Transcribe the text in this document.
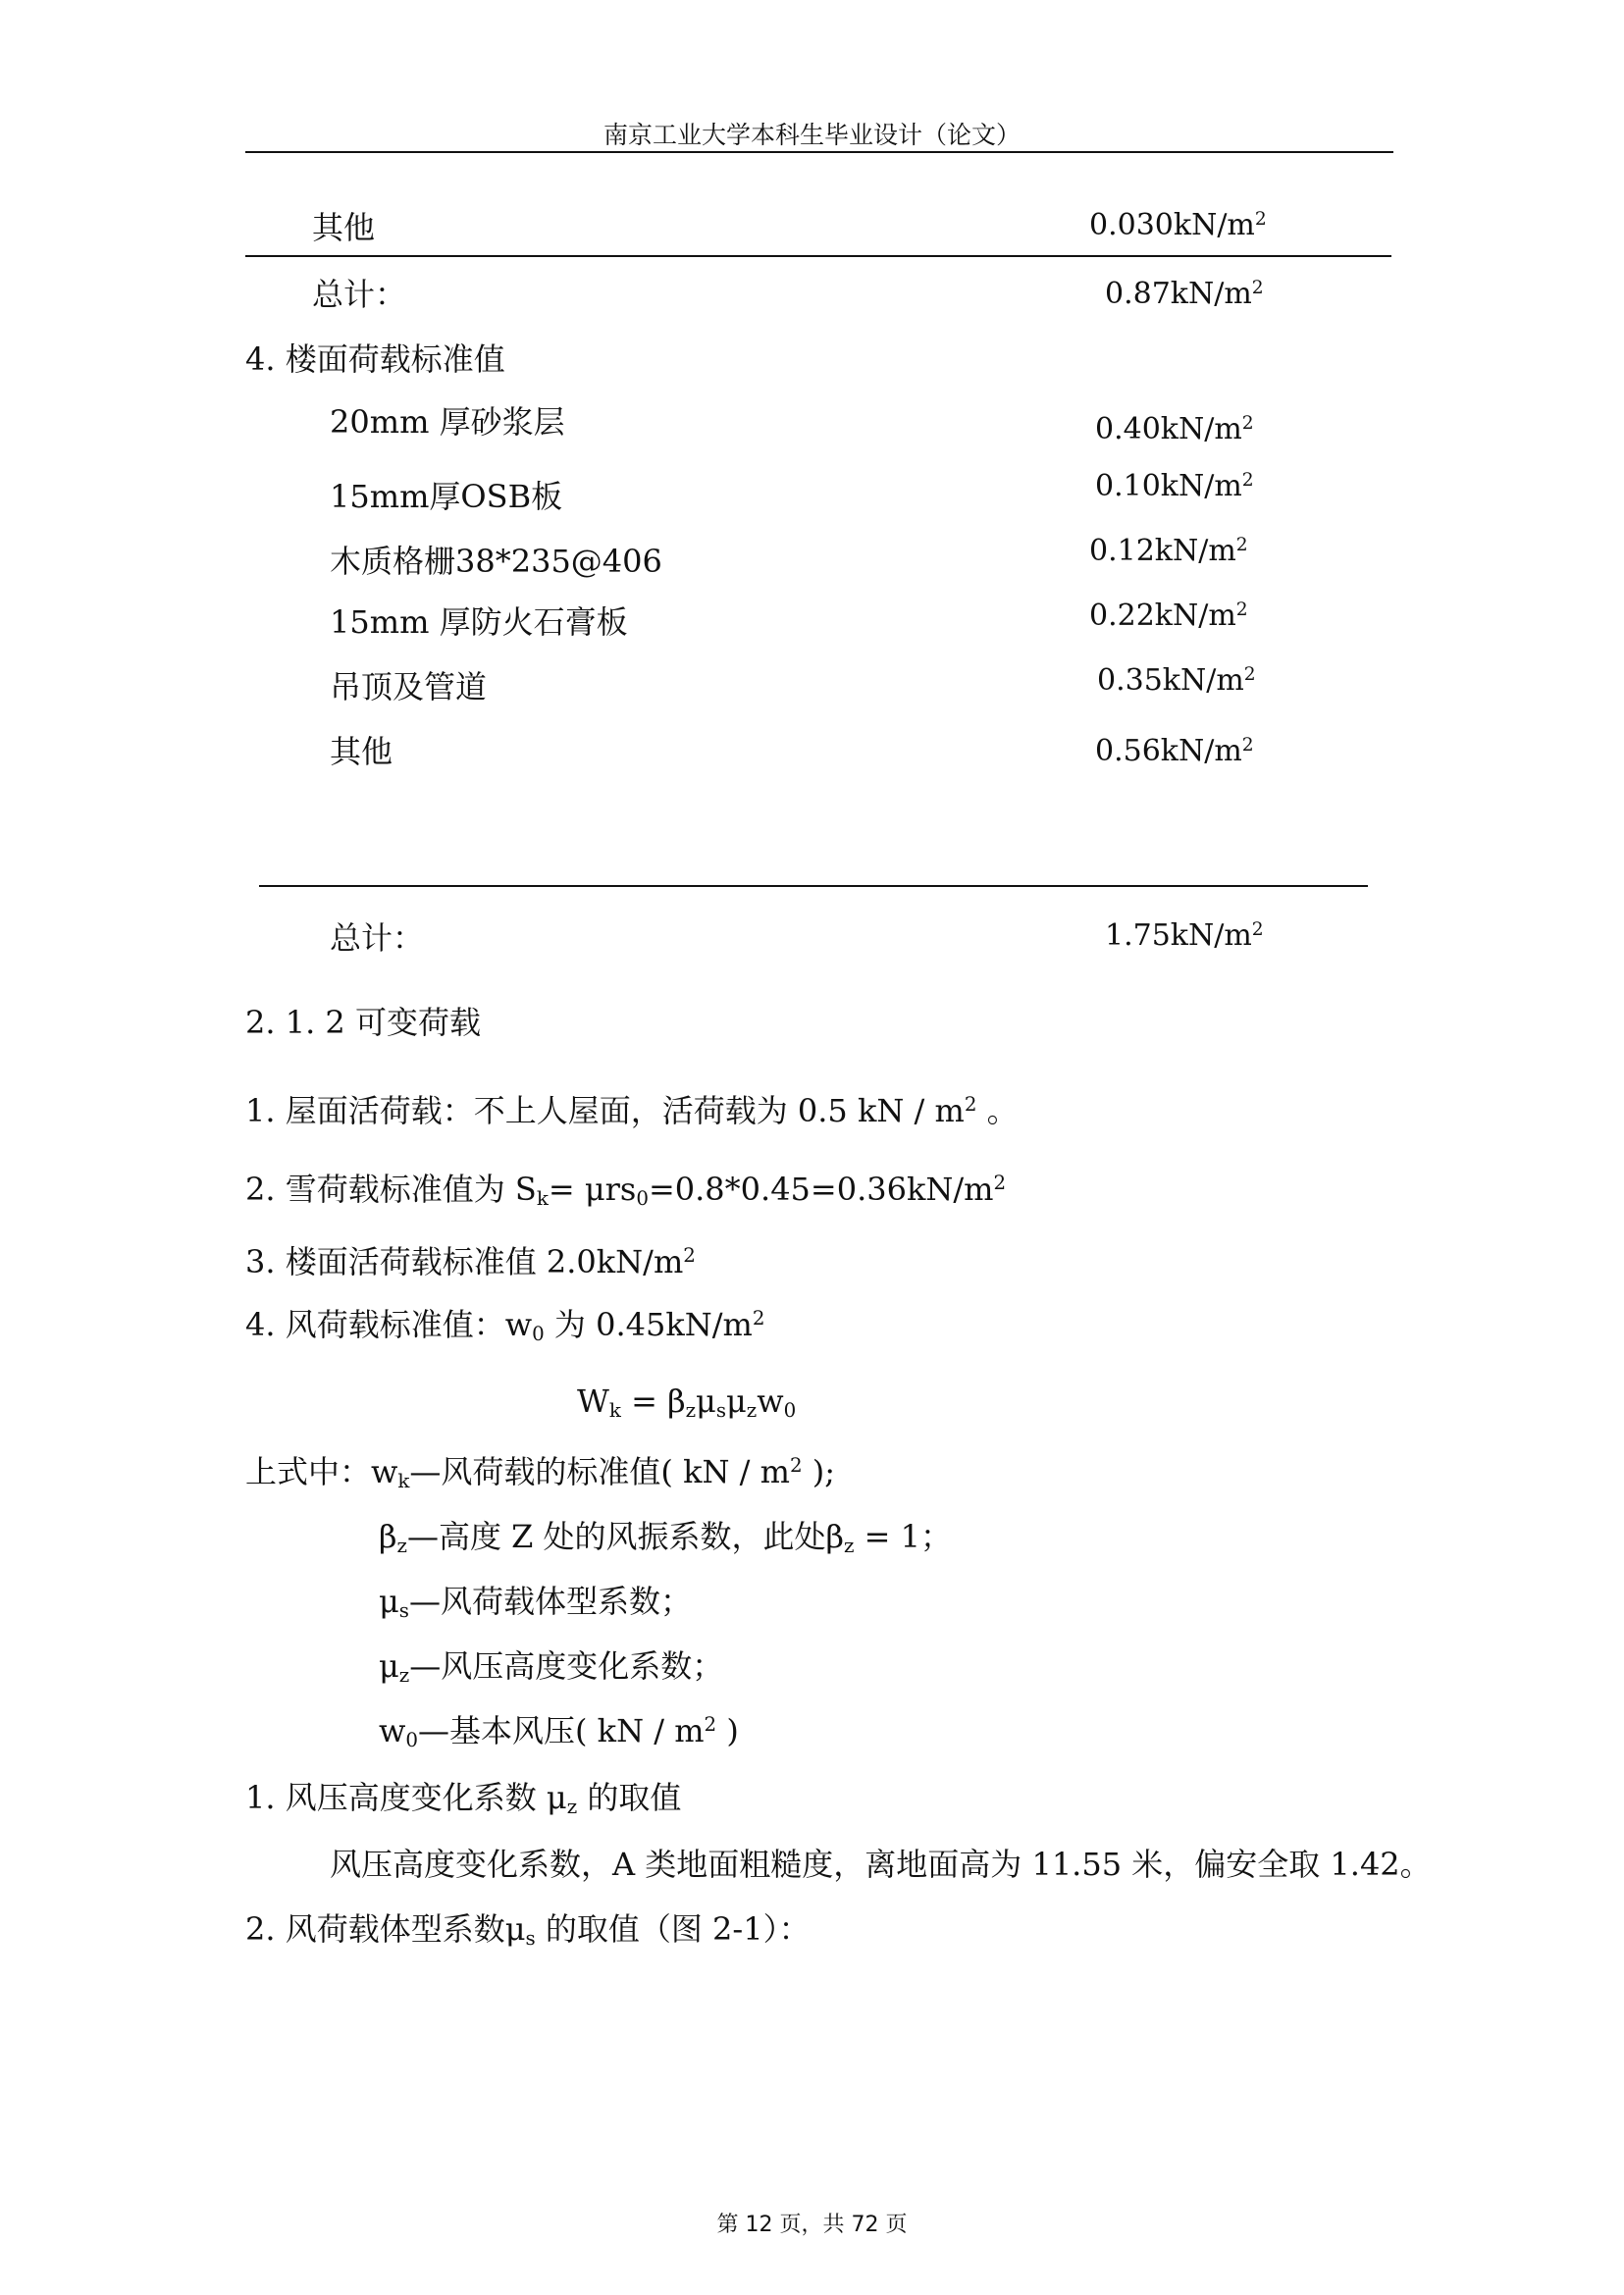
南京工业大学本科生毕业设计（论文）
其他	$0.030kN/m^2$
总计：	$0.87kN/m^2$
4. 楼面荷载标准值
20mm 厚砂浆层	$0.40kN/m^2$
15mm厚OSB板	$0.10kN/m^2$
木质格栅38*235@406	$0.12kN/m^2$
15mm 厚防火石膏板	$0.22kN/m^2$
吊顶及管道	$0.35kN/m^2$
其他	$0.56kN/m^2$
总计：	$1.75kN/m^2$
2. 1. 2 可变荷载
1. 屋面活荷载：不上人屋面，活荷载为 0.5 kN / $m^2$ 。
2. 雪荷载标准值为 $S_k= \mu rs_0=0.8*0.45=0.36kN/m^2$
3. 楼面活荷载标准值 $2.0kN/m^2$
4. 风荷载标准值：$w_0$ 为 $0.45kN/m^2$
$W_k = \beta_z\mu_s\mu_zw_0$
上式中：$w_k—$风荷载的标准值( kN / $m^2$ );
$\beta_z—$高度 Z 处的风振系数，此处$\beta_z = 1$；
$\mu_s—$风荷载体型系数；
$\mu_z—$风压高度变化系数；
$w_0—$基本风压( kN / $m^2$ )
1. 风压高度变化系数 $\mu_z$ 的取值
风压高度变化系数，A 类地面粗糙度，离地面高为 11.55 米，偏安全取 1.42。
2. 风荷载体型系数$\mu_s$ 的取值（图 2-1）：
第 12 页，共 72 页
